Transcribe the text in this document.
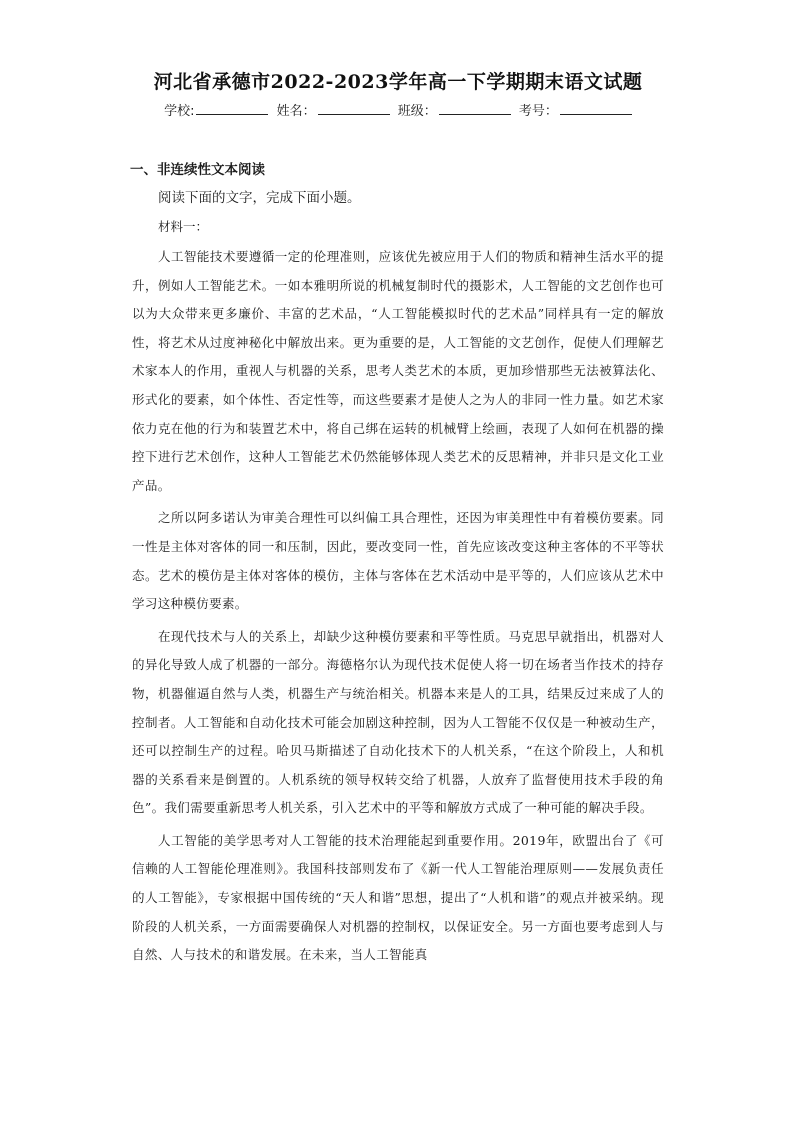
河北省承德市2022-2023学年高一下学期期末语文试题
学校:	姓名：	班级：	考号：
一、非连续性文本阅读
阅读下面的文字，完成下面小题。
材料一：

人工智能技术要遵循一定的伦理准则，应该优先被应用于人们的物质和精神生活水平的提升，例如人工智能艺术。一如本雅明所说的机械复制时代的摄影术，人工智能的文艺创作也可以为大众带来更多廉价、丰富的艺术品，“人工智能模拟时代的艺术品”同样具有一定的解放性，将艺术从过度神秘化中解放出来。更为重要的是，人工智能的文艺创作，促使人们理解艺术家本人的作用，重视人与机器的关系，思考人类艺术的本质，更加珍惜那些无法被算法化、形式化的要素，如个体性、否定性等，而这些要素才是使人之为人的非同一性力量。如艺术家依力克在他的行为和装置艺术中，将自己绑在运转的机械臂上绘画，表现了人如何在机器的操控下进行艺术创作，这种人工智能艺术仍然能够体现人类艺术的反思精神，并非只是文化工业产品。

之所以阿多诺认为审美合理性可以纠偏工具合理性，还因为审美理性中有着模仿要素。同一性是主体对客体的同一和压制，因此，要改变同一性，首先应该改变这种主客体的不平等状态。艺术的模仿是主体对客体的模仿，主体与客体在艺术活动中是平等的，人们应该从艺术中学习这种模仿要素。

在现代技术与人的关系上，却缺少这种模仿要素和平等性质。马克思早就指出，机器对人的异化导致人成了机器的一部分。海德格尔认为现代技术促使人将一切在场者当作技术的持存物，机器催逼自然与人类，机器生产与统治相关。机器本来是人的工具，结果反过来成了人的控制者。人工智能和自动化技术可能会加剧这种控制，因为人工智能不仅仅是一种被动生产，还可以控制生产的过程。哈贝马斯描述了自动化技术下的人机关系，“在这个阶段上，人和机器的关系看来是倒置的。人机系统的领导权转交给了机器，人放弃了监督使用技术手段的角色”。我们需要重新思考人机关系，引入艺术中的平等和解放方式成了一种可能的解决手段。

人工智能的美学思考对人工智能的技术治理能起到重要作用。2019年，欧盟出台了《可信赖的人工智能伦理准则》。我国科技部则发布了《新一代人工智能治理原则——发展负责任的人工智能》，专家根据中国传统的“天人和谐”思想，提出了“人机和谐”的观点并被采纳。现阶段的人机关系，一方面需要确保人对机器的控制权，以保证安全。另一方面也要考虑到人与自然、人与技术的和谐发展。在未来，当人工智能真
